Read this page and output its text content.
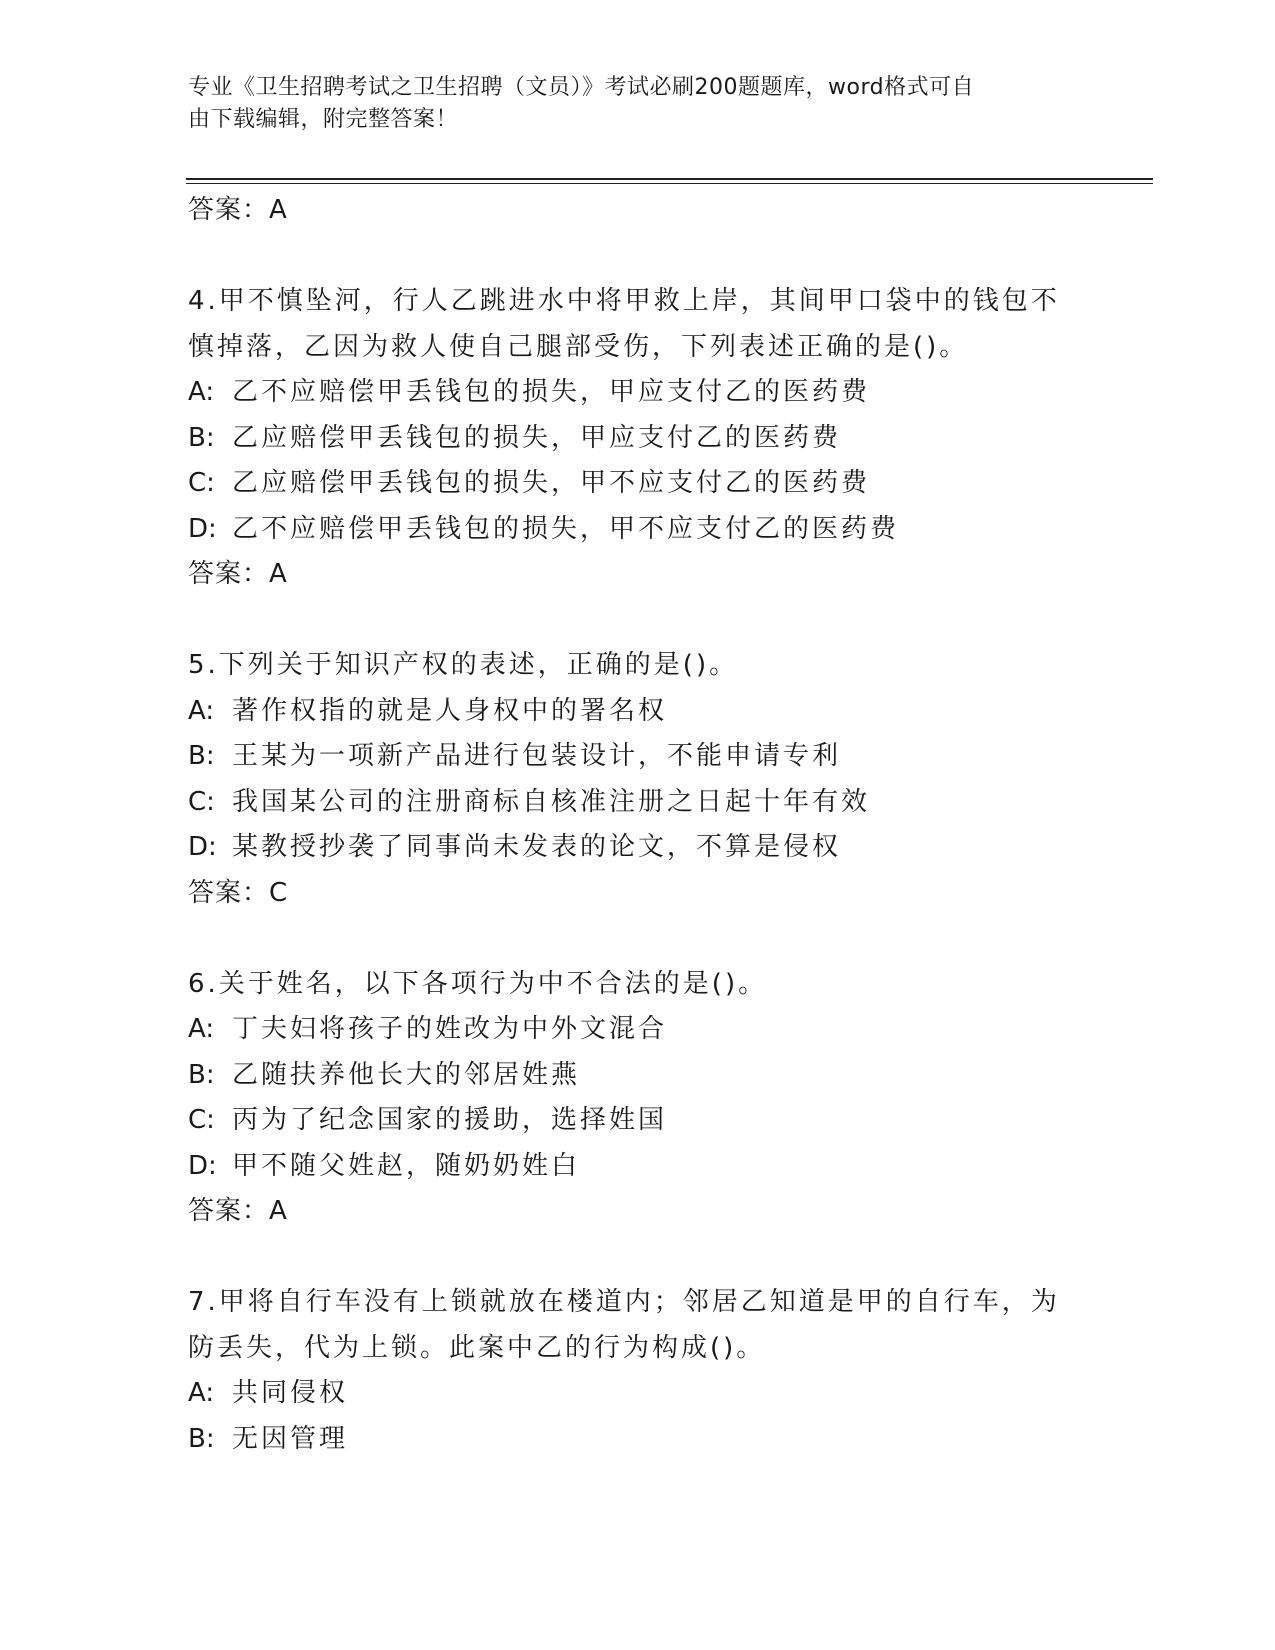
专业《卫生招聘考试之卫生招聘（文员）》考试必刷200题题库，word格式可自
由下载编辑，附完整答案！
答案：A
4.甲不慎坠河，行人乙跳进水中将甲救上岸，其间甲口袋中的钱包不
慎掉落，乙因为救人使自己腿部受伤，下列表述正确的是()。
A: 乙不应赔偿甲丢钱包的损失，甲应支付乙的医药费
B: 乙应赔偿甲丢钱包的损失，甲应支付乙的医药费
C: 乙应赔偿甲丢钱包的损失，甲不应支付乙的医药费
D: 乙不应赔偿甲丢钱包的损失，甲不应支付乙的医药费
答案：A
5.下列关于知识产权的表述，正确的是()。
A: 著作权指的就是人身权中的署名权
B: 王某为一项新产品进行包装设计，不能申请专利
C: 我国某公司的注册商标自核准注册之日起十年有效
D: 某教授抄袭了同事尚未发表的论文，不算是侵权
答案：C
6.关于姓名，以下各项行为中不合法的是()。
A: 丁夫妇将孩子的姓改为中外文混合
B: 乙随扶养他长大的邻居姓燕
C: 丙为了纪念国家的援助，选择姓国
D: 甲不随父姓赵，随奶奶姓白
答案：A
7.甲将自行车没有上锁就放在楼道内；邻居乙知道是甲的自行车，为
防丢失，代为上锁。此案中乙的行为构成()。
A: 共同侵权
B: 无因管理
